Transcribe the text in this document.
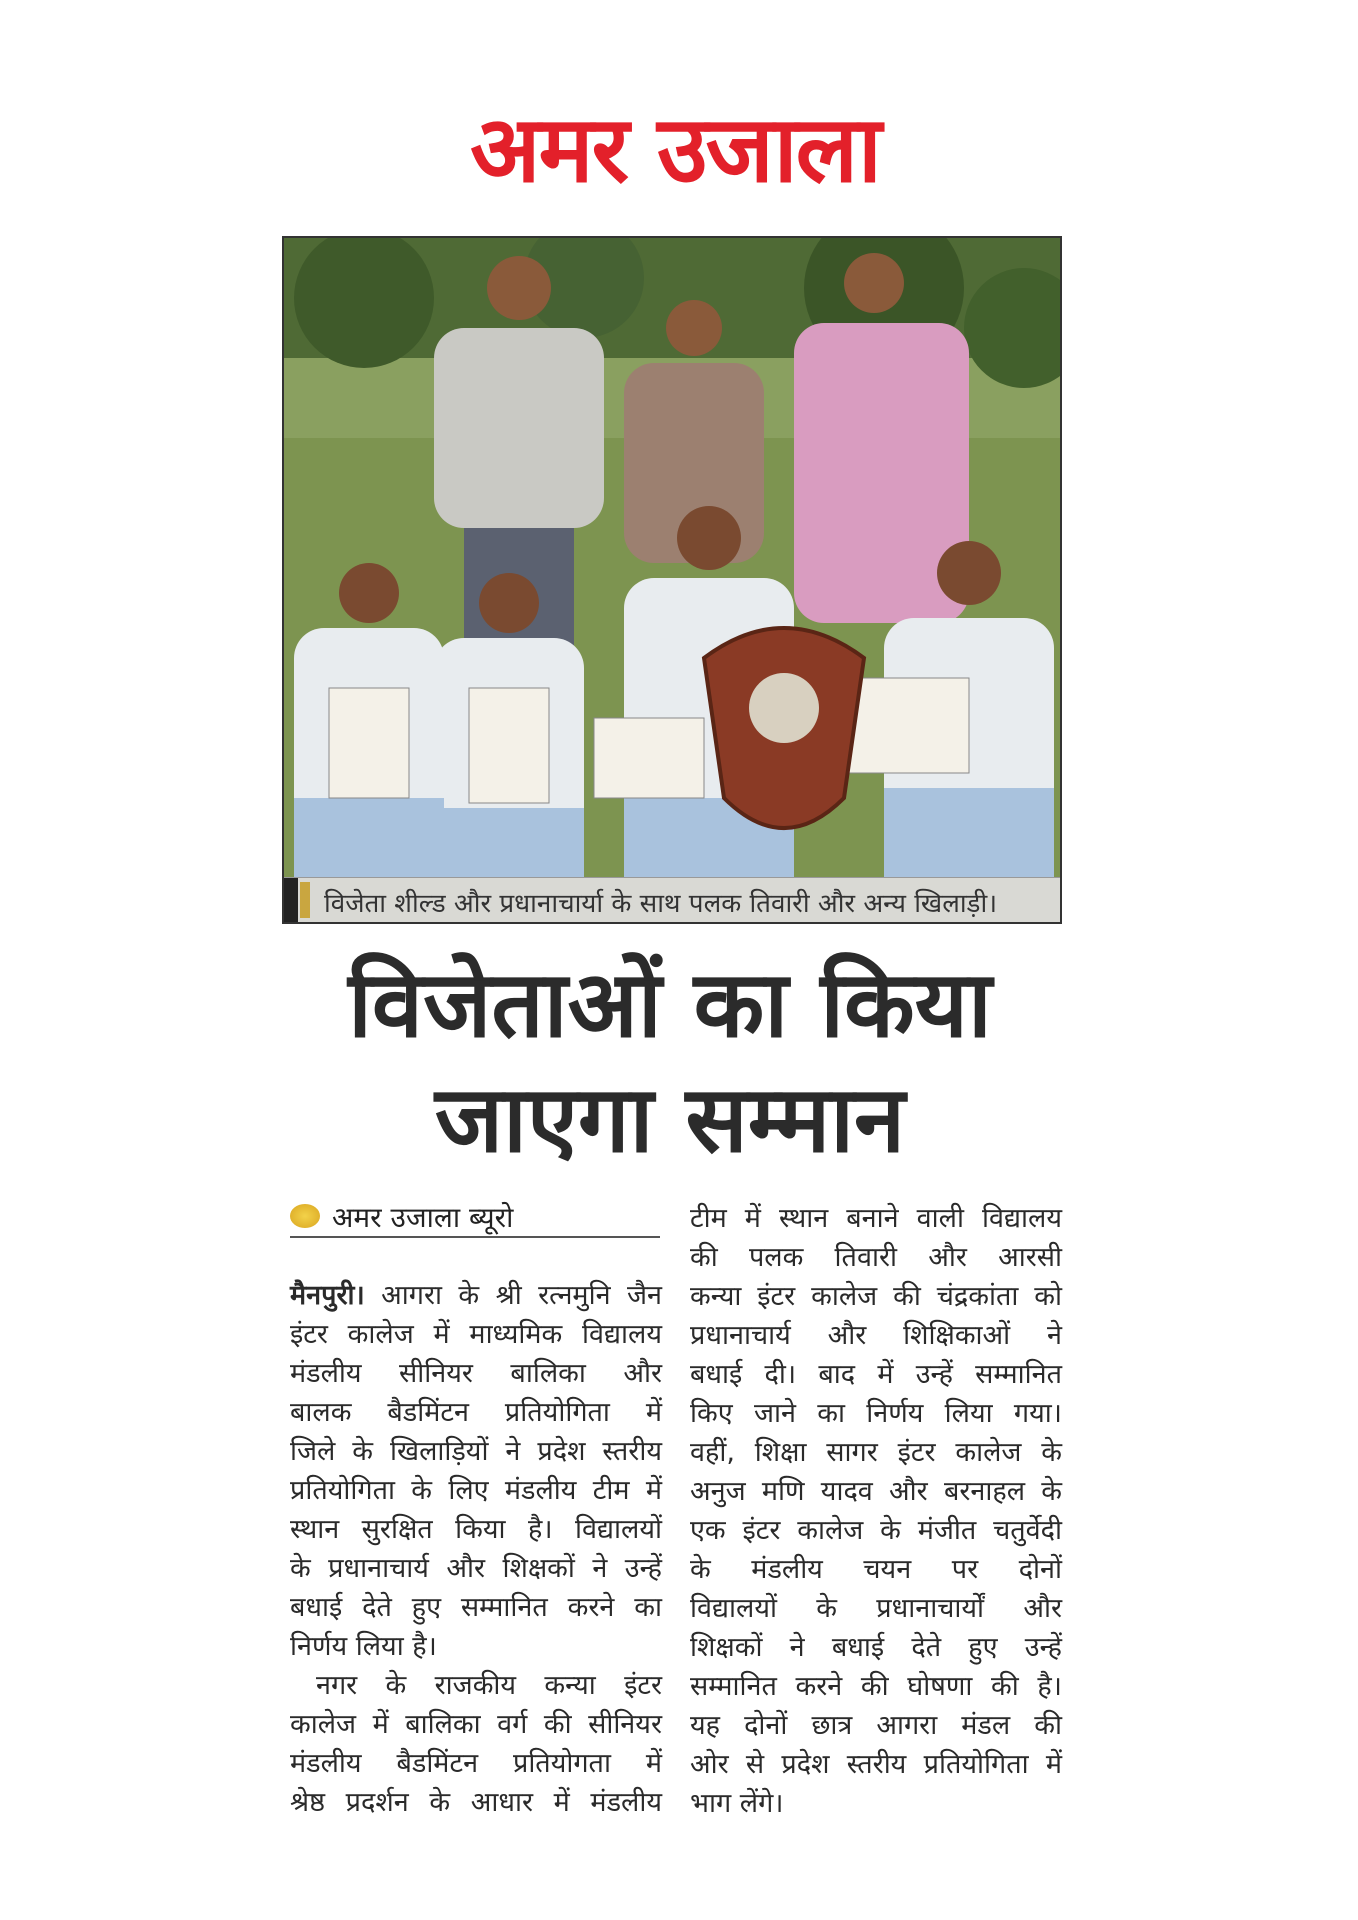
अमर उजाला
विजेता शील्ड और प्रधानाचार्या के साथ पलक तिवारी और अन्य खिलाड़ी।
विजेताओं का किया
जाएगा सम्मान
अमर उजाला ब्यूरो
मैनपुरी। आगरा के श्री रत्नमुनि जैन
इंटर कालेज में माध्यमिक विद्यालय
मंडलीय सीनियर बालिका और
बालक बैडमिंटन प्रतियोगिता में
जिले के खिलाड़ियों ने प्रदेश स्तरीय
प्रतियोगिता के लिए मंडलीय टीम में
स्थान सुरक्षित किया है। विद्यालयों
के प्रधानाचार्य और शिक्षकों ने उन्हें
बधाई देते हुए सम्मानित करने का
निर्णय लिया है।
नगर के राजकीय कन्या इंटर
कालेज में बालिका वर्ग की सीनियर
मंडलीय बैडमिंटन प्रतियोगता में
श्रेष्ठ प्रदर्शन के आधार में मंडलीय
टीम में स्थान बनाने वाली विद्यालय
की पलक तिवारी और आरसी
कन्या इंटर कालेज की चंद्रकांता को
प्रधानाचार्य और शिक्षिकाओं ने
बधाई दी। बाद में उन्हें सम्मानित
किए जाने का निर्णय लिया गया।
वहीं, शिक्षा सागर इंटर कालेज के
अनुज मणि यादव और बरनाहल के
एक इंटर कालेज के मंजीत चतुर्वेदी
के मंडलीय चयन पर दोनों
विद्यालयों के प्रधानाचार्यों और
शिक्षकों ने बधाई देते हुए उन्हें
सम्मानित करने की घोषणा की है।
यह दोनों छात्र आगरा मंडल की
ओर से प्रदेश स्तरीय प्रतियोगिता में
भाग लेंगे।
